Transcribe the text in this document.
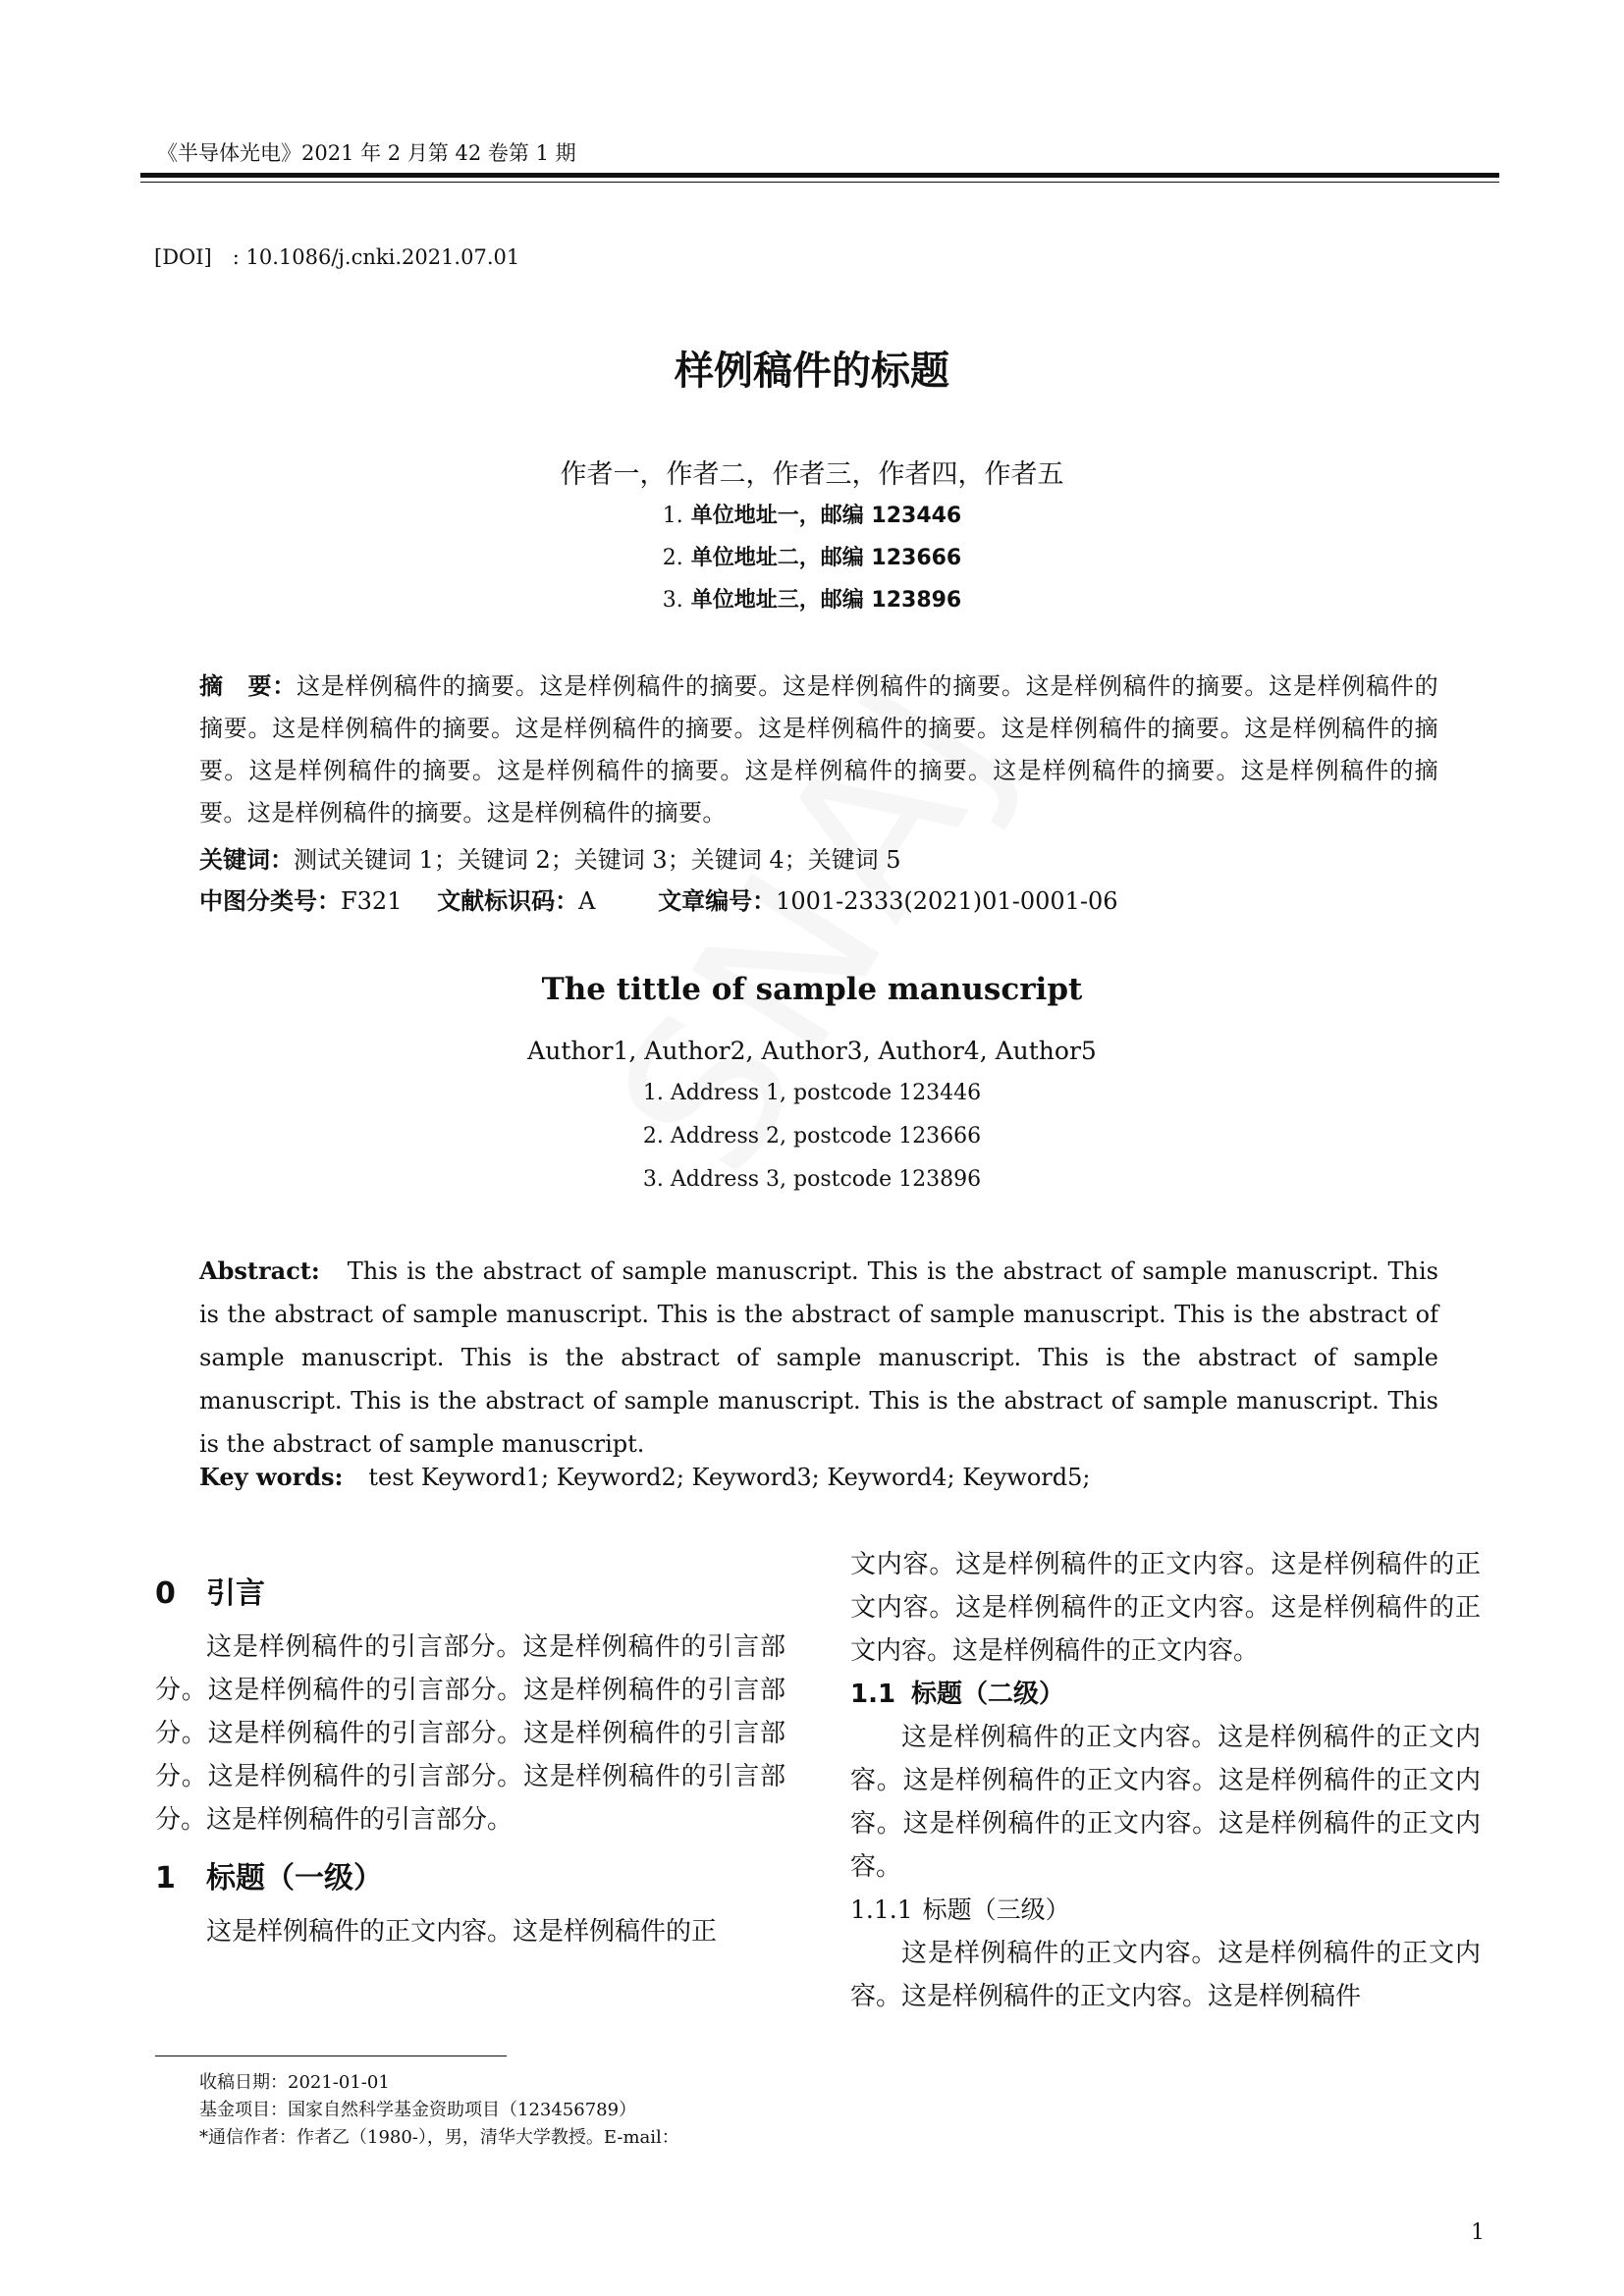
《半导体光电》2021 年 2 月第 42 卷第 1 期
[DOI]　: 10.1086/j.cnki.2021.07.01
样例稿件的标题
作者一，作者二，作者三，作者四，作者五
1. 单位地址一，邮编 123446
2. 单位地址二，邮编 123666
3. 单位地址三，邮编 123896
摘　要：这是样例稿件的摘要。这是样例稿件的摘要。这是样例稿件的摘要。这是样例稿件的摘要。这是样例稿件的摘要。这是样例稿件的摘要。这是样例稿件的摘要。这是样例稿件的摘要。这是样例稿件的摘要。这是样例稿件的摘要。这是样例稿件的摘要。这是样例稿件的摘要。这是样例稿件的摘要。这是样例稿件的摘要。这是样例稿件的摘要。这是样例稿件的摘要。这是样例稿件的摘要。
关键词：测试关键词 1；关键词 2；关键词 3；关键词 4；关键词 5
中图分类号：F321 文献标识码：A	文章编号：1001-2333(2021)01-0001-06
The tittle of sample manuscript
Author1, Author2, Author3, Author4, Author5
1. Address 1, postcode 123446
2. Address 2, postcode 123666
3. Address 3, postcode 123896
Abstract: This is the abstract of sample manuscript. This is the abstract of sample manuscript. This is the abstract of sample manuscript. This is the abstract of sample manuscript. This is the abstract of sample manuscript. This is the abstract of sample manuscript. This is the abstract of sample manuscript. This is the abstract of sample manuscript. This is the abstract of sample manuscript. This is the abstract of sample manuscript.
Key words: test Keyword1; Keyword2; Keyword3; Keyword4; Keyword5;
0 引言

这是样例稿件的引言部分。这是样例稿件的引言部分。这是样例稿件的引言部分。这是样例稿件的引言部分。这是样例稿件的引言部分。这是样例稿件的引言部分。这是样例稿件的引言部分。这是样例稿件的引言部分。这是样例稿件的引言部分。

1 标题（一级）

这是样例稿件的正文内容。这是样例稿件的正

文内容。这是样例稿件的正文内容。这是样例稿件的正文内容。这是样例稿件的正文内容。这是样例稿件的正文内容。这是样例稿件的正文内容。

1.1 标题（二级）

这是样例稿件的正文内容。这是样例稿件的正文内容。这是样例稿件的正文内容。这是样例稿件的正文内容。这是样例稿件的正文内容。这是样例稿件的正文内容。

1.1.1 标题（三级）

这是样例稿件的正文内容。这是样例稿件的正文内容。这是样例稿件的正文内容。这是样例稿件

收稿日期：2021-01-01
基金项目：国家自然科学基金资助项目（123456789）
*通信作者：作者乙（1980-），男，清华大学教授。E-mail：
1
